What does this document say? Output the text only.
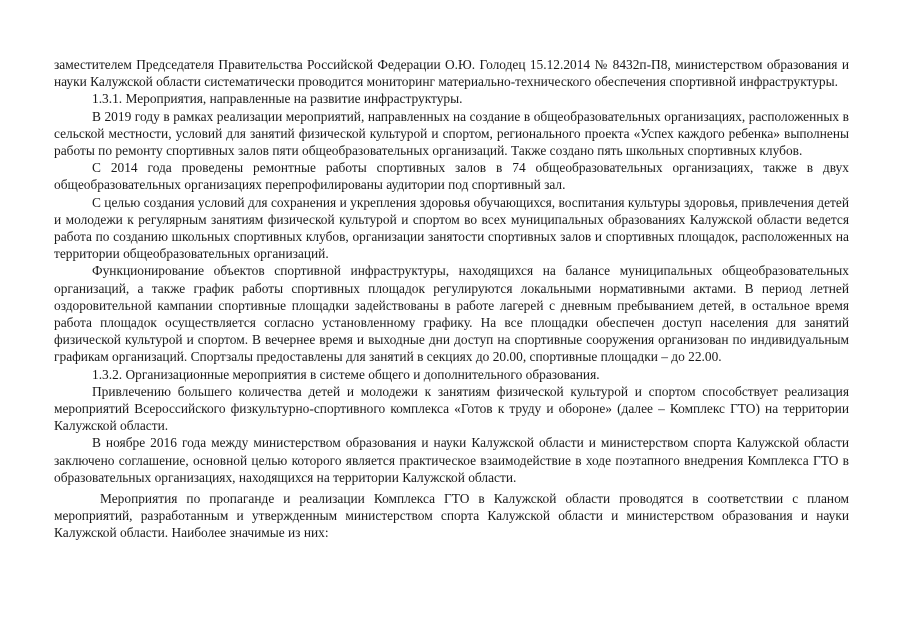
заместителем Председателя Правительства Российской Федерации О.Ю. Голодец 15.12.2014 № 8432п-П8, министерством образования и науки Калужской области систематически проводится мониторинг материально-технического обеспечения спортивной инфраструктуры.

1.3.1. Мероприятия, направленные на развитие инфраструктуры.

В 2019 году в рамках реализации мероприятий, направленных на создание в общеобразовательных организациях, расположенных в сельской местности, условий для занятий физической культурой и спортом, регионального проекта «Успех каждого ребенка» выполнены работы по ремонту спортивных залов пяти общеобразовательных организаций. Также создано пять школьных спортивных клубов.

С 2014 года проведены ремонтные работы спортивных залов в 74 общеобразовательных организациях, также в двух общеобразовательных организациях перепрофилированы аудитории под спортивный зал.

С целью создания условий для сохранения и укрепления здоровья обучающихся, воспитания культуры здоровья, привлечения детей и молодежи к регулярным занятиям физической культурой и спортом во всех муниципальных образованиях Калужской области ведется работа по созданию школьных спортивных клубов, организации занятости спортивных залов и спортивных площадок, расположенных на территории общеобразовательных организаций.

Функционирование объектов спортивной инфраструктуры, находящихся на балансе муниципальных общеобразовательных организаций, а также график работы спортивных площадок регулируются локальными нормативными актами. В период летней оздоровительной кампании спортивные площадки задействованы в работе лагерей с дневным пребыванием детей, в остальное время работа площадок осуществляется согласно установленному графику. На все площадки обеспечен доступ населения для занятий физической культурой и спортом. В вечернее время и выходные дни доступ на спортивные сооружения организован по индивидуальным графикам организаций. Спортзалы предоставлены для занятий в секциях до 20.00, спортивные площадки – до 22.00.

1.3.2. Организационные мероприятия в системе общего и дополнительного образования.

Привлечению большего количества детей и молодежи к занятиям физической культурой и спортом способствует реализация мероприятий Всероссийского физкультурно-спортивного комплекса «Готов к труду и обороне» (далее – Комплекс ГТО) на территории Калужской области.

В ноябре 2016 года между министерством образования и науки Калужской области и министерством спорта Калужской области заключено соглашение, основной целью которого является практическое взаимодействие в ходе поэтапного внедрения Комплекса ГТО в образовательных организациях, находящихся на территории Калужской области.

Мероприятия по пропаганде и реализации Комплекса ГТО в Калужской области проводятся в соответствии с планом мероприятий, разработанным и утвержденным министерством спорта Калужской области и министерством образования и науки Калужской области. Наиболее значимые из них:
